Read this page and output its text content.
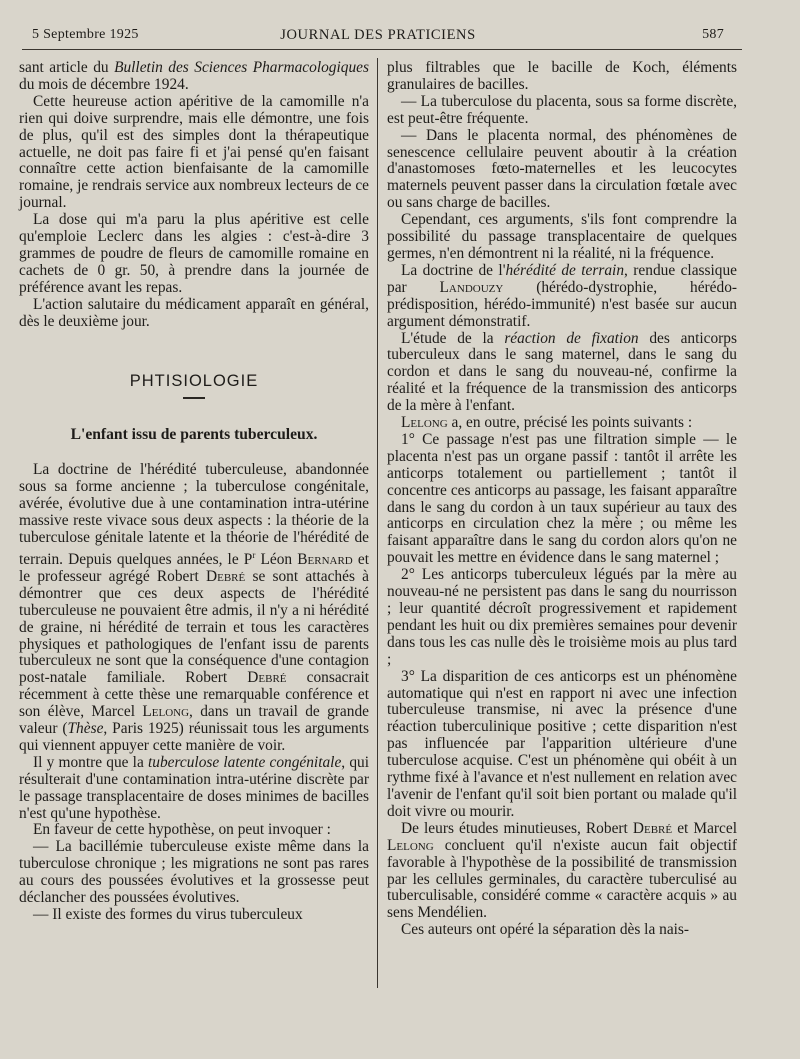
5 Septembre 1925	JOURNAL DES PRATICIENS	587

sant article du Bulletin des Sciences Pharmacologiques du mois de décembre 1924.

Cette heureuse action apéritive de la camomille n'a rien qui doive surprendre, mais elle démontre, une fois de plus, qu'il est des simples dont la thérapeutique actuelle, ne doit pas faire fi et j'ai pensé qu'en faisant connaître cette action bienfaisante de la camomille romaine, je rendrais service aux nombreux lecteurs de ce journal.

La dose qui m'a paru la plus apéritive est celle qu'emploie Leclerc dans les algies : c'est-à-dire 3 grammes de poudre de fleurs de camomille romaine en cachets de 0 gr. 50, à prendre dans la journée de préférence avant les repas.

L'action salutaire du médicament apparaît en général, dès le deuxième jour.

PHTISIOLOGIE
L'enfant issu de parents tuberculeux.

La doctrine de l'hérédité tuberculeuse, abandonnée sous sa forme ancienne ; la tuberculose congénitale, avérée, évolutive due à une contamination intra-utérine massive reste vivace sous deux aspects : la théorie de la tuberculose génitale latente et la théorie de l'hérédité de terrain. Depuis quelques années, le $P^r$ Léon Bernard et le professeur agrégé Robert Debré se sont attachés à démontrer que ces deux aspects de l'hérédité tuberculeuse ne pouvaient être admis, il n'y a ni hérédité de graine, ni hérédité de terrain et tous les caractères physiques et pathologiques de l'enfant issu de parents tuberculeux ne sont que la conséquence d'une contagion post-natale familiale. Robert Debré consacrait récemment à cette thèse une remarquable conférence et son élève, Marcel Lelong, dans un travail de grande valeur (Thèse, Paris 1925) réunissait tous les arguments qui viennent appuyer cette manière de voir.

Il y montre que la tuberculose latente congénitale, qui résulterait d'une contamination intra-utérine discrète par le passage transplacentaire de doses minimes de bacilles n'est qu'une hypothèse.

En faveur de cette hypothèse, on peut invoquer :

— La bacillémie tuberculeuse existe même dans la tuberculose chronique ; les migrations ne sont pas rares au cours des poussées évolutives et la grossesse peut déclancher des poussées évolutives.

— Il existe des formes du virus tuberculeux

plus filtrables que le bacille de Koch, éléments granulaires de bacilles.

— La tuberculose du placenta, sous sa forme discrète, est peut-être fréquente.

— Dans le placenta normal, des phénomènes de senescence cellulaire peuvent aboutir à la création d'anastomoses fœto-maternelles et les leucocytes maternels peuvent passer dans la circulation fœtale avec ou sans charge de bacilles.

Cependant, ces arguments, s'ils font comprendre la possibilité du passage transplacentaire de quelques germes, n'en démontrent ni la réalité, ni la fréquence.

La doctrine de l'hérédité de terrain, rendue classique par Landouzy (hérédo-dystrophie, hérédo-prédisposition, hérédo-immunité) n'est basée sur aucun argument démonstratif.

L'étude de la réaction de fixation des anticorps tuberculeux dans le sang maternel, dans le sang du cordon et dans le sang du nouveau-né, confirme la réalité et la fréquence de la transmission des anticorps de la mère à l'enfant.

Lelong a, en outre, précisé les points suivants :

1° Ce passage n'est pas une filtration simple — le placenta n'est pas un organe passif : tantôt il arrête les anticorps totalement ou partiellement ; tantôt il concentre ces anticorps au passage, les faisant apparaître dans le sang du cordon à un taux supérieur au taux des anticorps en circulation chez la mère ; ou même les faisant apparaître dans le sang du cordon alors qu'on ne pouvait les mettre en évidence dans le sang maternel ;

2° Les anticorps tuberculeux légués par la mère au nouveau-né ne persistent pas dans le sang du nourrisson ; leur quantité décroît progressivement et rapidement pendant les huit ou dix premières semaines pour devenir dans tous les cas nulle dès le troisième mois au plus tard ;

3° La disparition de ces anticorps est un phénomène automatique qui n'est en rapport ni avec une infection tuberculeuse transmise, ni avec la présence d'une réaction tuberculinique positive ; cette disparition n'est pas influencée par l'apparition ultérieure d'une tuberculose acquise. C'est un phénomène qui obéit à un rythme fixé à l'avance et n'est nullement en relation avec l'avenir de l'enfant qu'il soit bien portant ou malade qu'il doit vivre ou mourir.

De leurs études minutieuses, Robert Debré et Marcel Lelong concluent qu'il n'existe aucun fait objectif favorable à l'hypothèse de la possibilité de transmission par les cellules germinales, du caractère tuberculisé au tuberculisable, considéré comme « caractère acquis » au sens Mendélien.

Ces auteurs ont opéré la séparation dès la nais-
